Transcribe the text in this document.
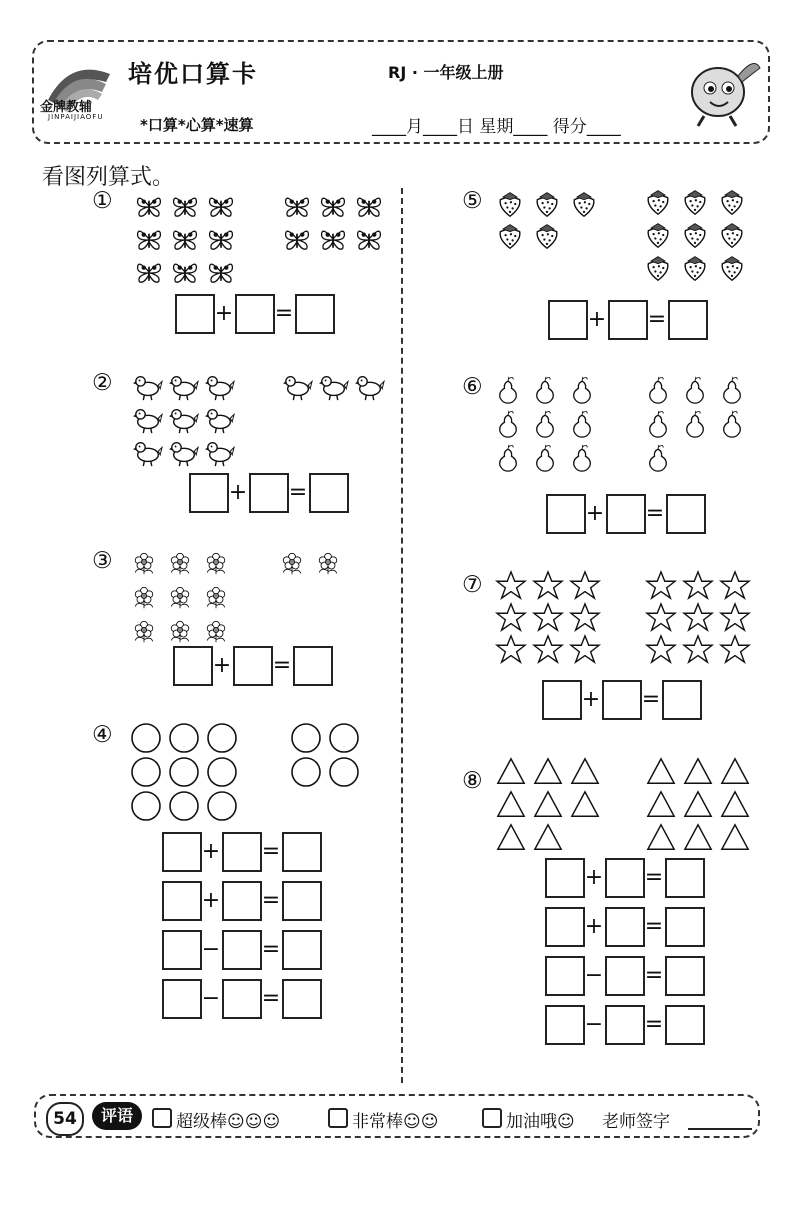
金牌教辅
JINPAIJIAOFU
培优口算卡	RJ · 一年级上册
*口算*心算*速算	____月____日 星期____ 得分____
看图列算式。
①
+ =
②
+ =
③
+ =
④
+ =
+ =
− =
− =
⑤
+ =
⑥
+ =
⑦
+ =
⑧
+ =
+ =
− =
− =
54	评语	超级棒☺☺☺	非常棒☺☺	加油哦☺ 老师签字
